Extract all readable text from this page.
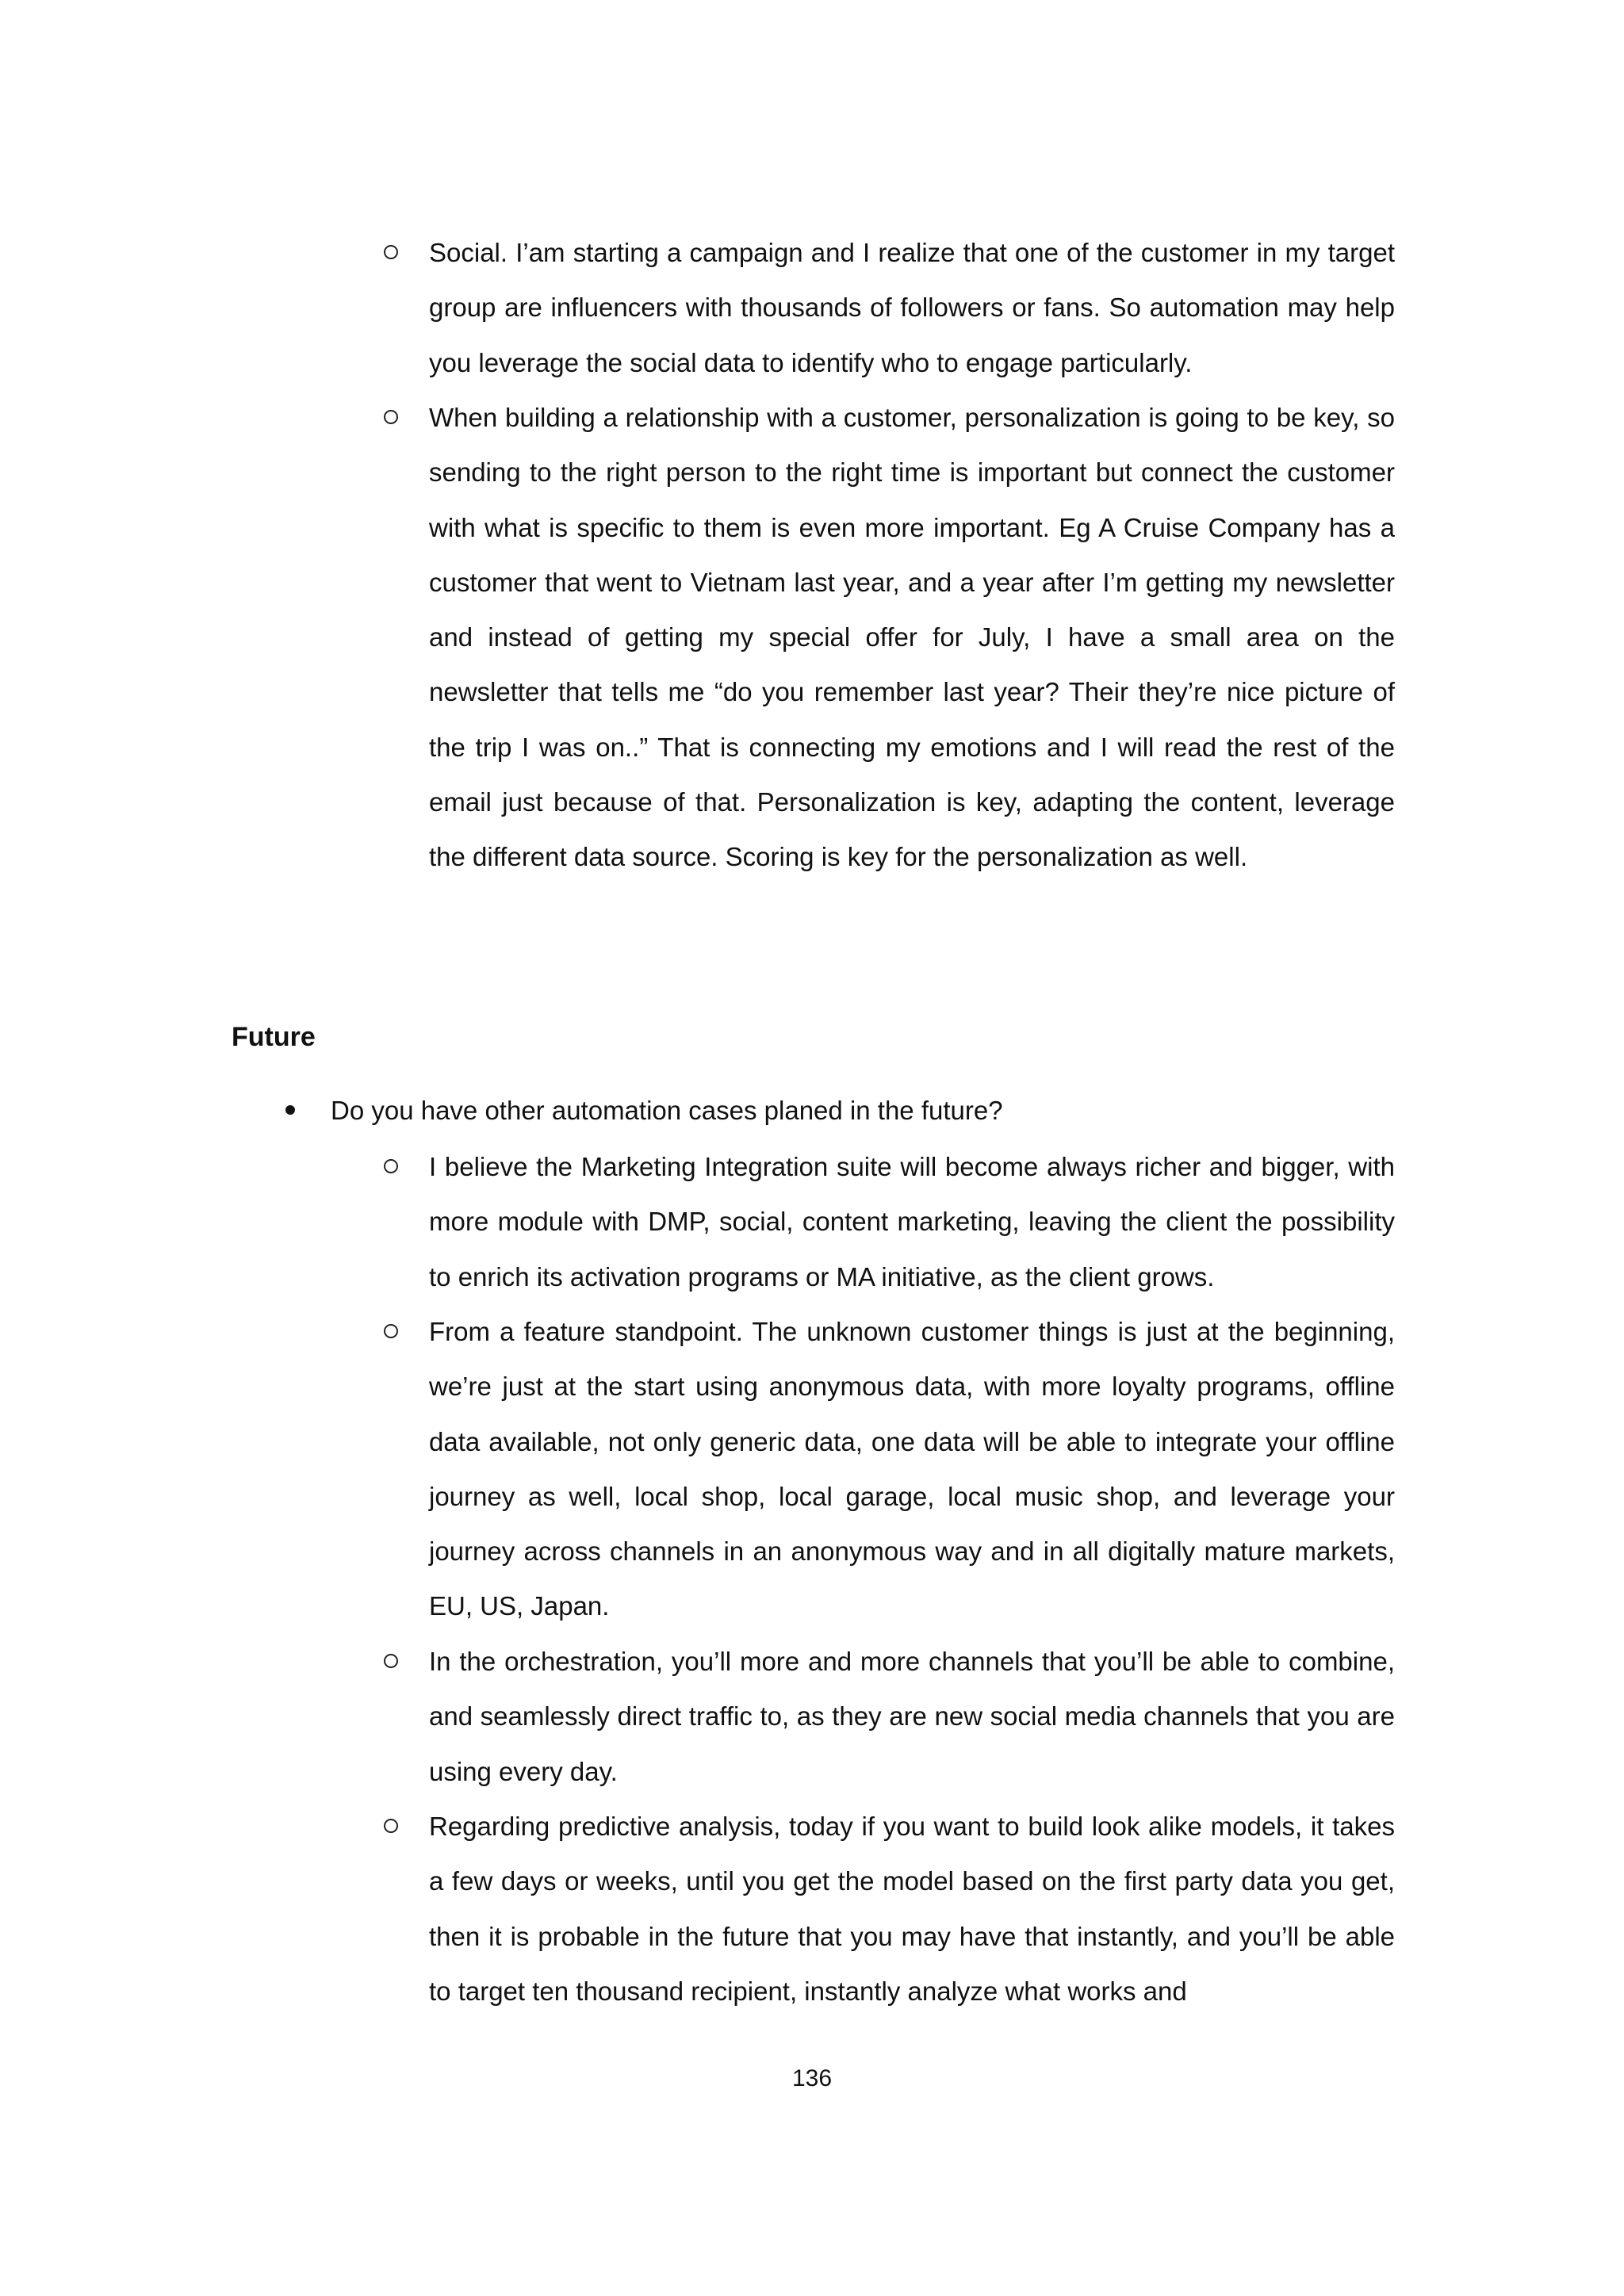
Social. I’am starting a campaign and I realize that one of the customer in my target group are influencers with thousands of followers or fans. So automation may help you leverage the social data to identify who to engage particularly.

When building a relationship with a customer, personalization is going to be key, so sending to the right person to the right time is important but connect the customer with what is specific to them is even more important. Eg A Cruise Company has a customer that went to Vietnam last year, and a year after I’m getting my newsletter and instead of getting my special offer for July, I have a small area on the newsletter that tells me “do you remember last year? Their they’re nice picture of the trip I was on..” That is connecting my emotions and I will read the rest of the email just because of that. Personalization is key, adapting the content, leverage the different data source. Scoring is key for the personalization as well.

Future

Do you have other automation cases planed in the future?

I believe the Marketing Integration suite will become always richer and bigger, with more module with DMP, social, content marketing, leaving the client the possibility to enrich its activation programs or MA initiative, as the client grows.

From a feature standpoint. The unknown customer things is just at the beginning, we’re just at the start using anonymous data, with more loyalty programs, offline data available, not only generic data, one data will be able to integrate your offline journey as well, local shop, local garage, local music shop, and leverage your journey across channels in an anonymous way and in all digitally mature markets, EU, US, Japan.

In the orchestration, you’ll more and more channels that you’ll be able to combine, and seamlessly direct traffic to, as they are new social media channels that you are using every day.

Regarding predictive analysis, today if you want to build look alike models, it takes a few days or weeks, until you get the model based on the first party data you get, then it is probable in the future that you may have that instantly, and you’ll be able to target ten thousand recipient, instantly analyze what works and

136
